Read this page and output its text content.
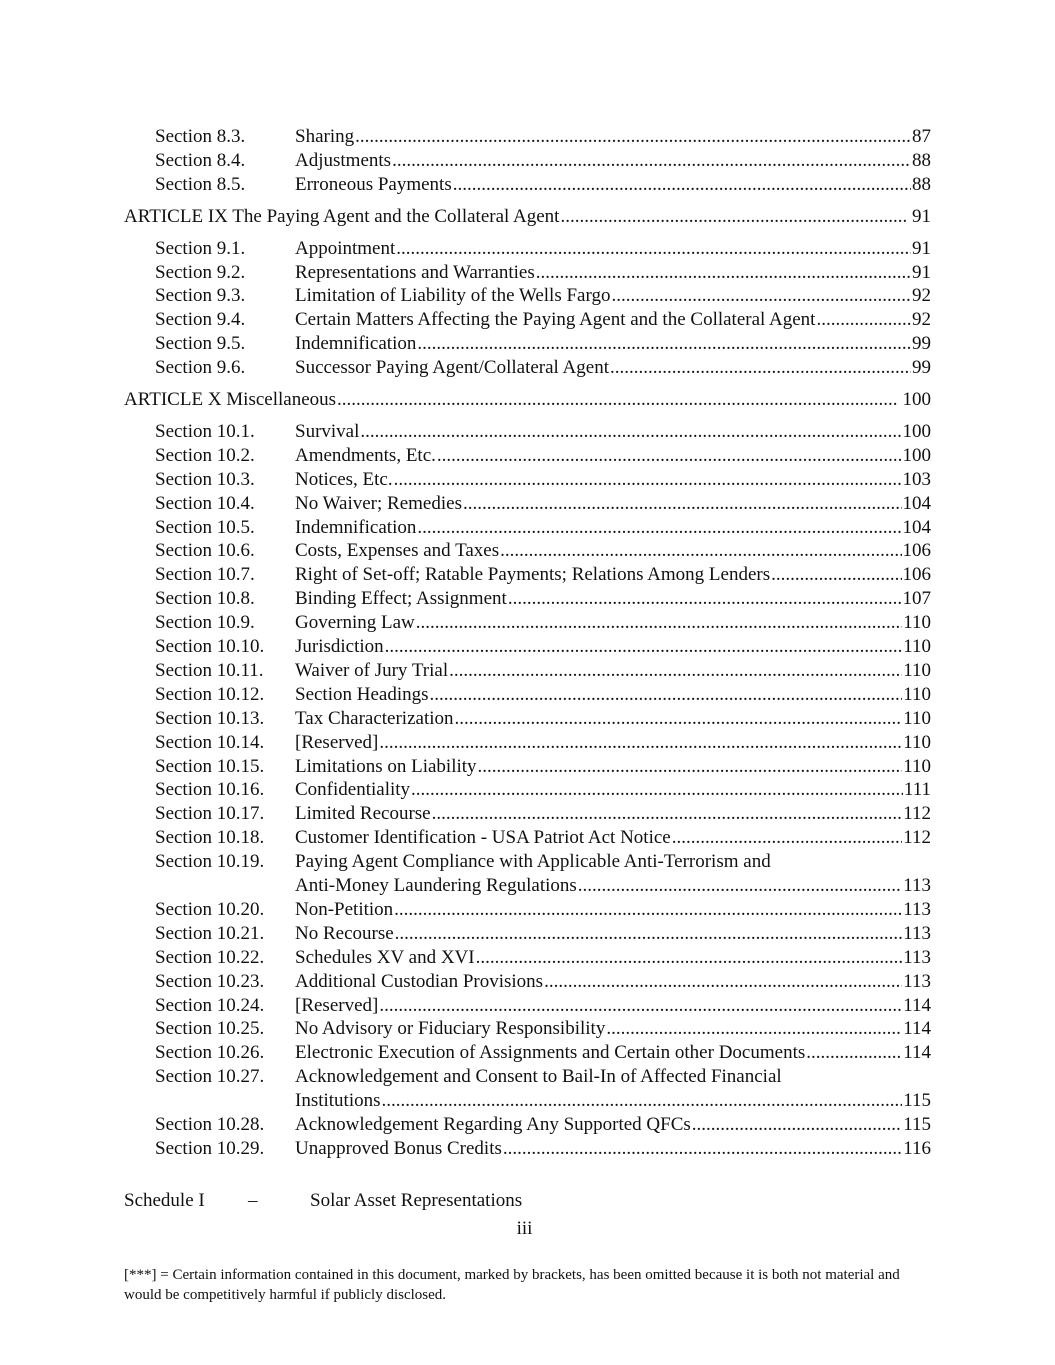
Section 8.3.	Sharing .....	87
Section 8.4.	Adjustments .....	88
Section 8.5.	Erroneous Payments .....	88
ARTICLE IX The Paying Agent and the Collateral Agent .....	91
Section 9.1.	Appointment .....	91
Section 9.2.	Representations and Warranties .....	91
Section 9.3.	Limitation of Liability of the Wells Fargo .....	92
Section 9.4.	Certain Matters Affecting the Paying Agent and the Collateral Agent .....	92
Section 9.5.	Indemnification .....	99
Section 9.6.	Successor Paying Agent/Collateral Agent .....	99
ARTICLE X Miscellaneous .....	100
Section 10.1. Survival .....	100
Section 10.2. Amendments, Etc. .....	100
Section 10.3. Notices, Etc. .....	103
Section 10.4. No Waiver; Remedies .....	104
Section 10.5. Indemnification .....	104
Section 10.6. Costs, Expenses and Taxes .....	106
Section 10.7. Right of Set-off; Ratable Payments; Relations Among Lenders .....	106
Section 10.8. Binding Effect; Assignment .....	107
Section 10.9. Governing Law .....	110
Section 10.10. Jurisdiction .....	110
Section 10.11. Waiver of Jury Trial .....	110
Section 10.12. Section Headings .....	110
Section 10.13. Tax Characterization .....	110
Section 10.14. [Reserved] .....	110
Section 10.15. Limitations on Liability .....	110
Section 10.16. Confidentiality .....	111
Section 10.17. Limited Recourse .....	112
Section 10.18. Customer Identification - USA Patriot Act Notice .....	112
Section 10.19. Paying Agent Compliance with Applicable Anti-Terrorism and
Anti-Money Laundering Regulations .....	113
Section 10.20. Non-Petition .....	113
Section 10.21. No Recourse .....	113
Section 10.22. Schedules XV and XVI .....	113
Section 10.23. Additional Custodian Provisions .....	113
Section 10.24. [Reserved] .....	114
Section 10.25. No Advisory or Fiduciary Responsibility .....	114
Section 10.26. Electronic Execution of Assignments and Certain other Documents .....	114
Section 10.27. Acknowledgement and Consent to Bail-In of Affected Financial
Institutions .....	115
Section 10.28. Acknowledgement Regarding Any Supported QFCs .....	115
Section 10.29. Unapproved Bonus Credits .....	116
Schedule I –	Solar Asset Representations
iii
[***] = Certain information contained in this document, marked by brackets, has been omitted because it is both not material and would be competitively harmful if publicly disclosed.
